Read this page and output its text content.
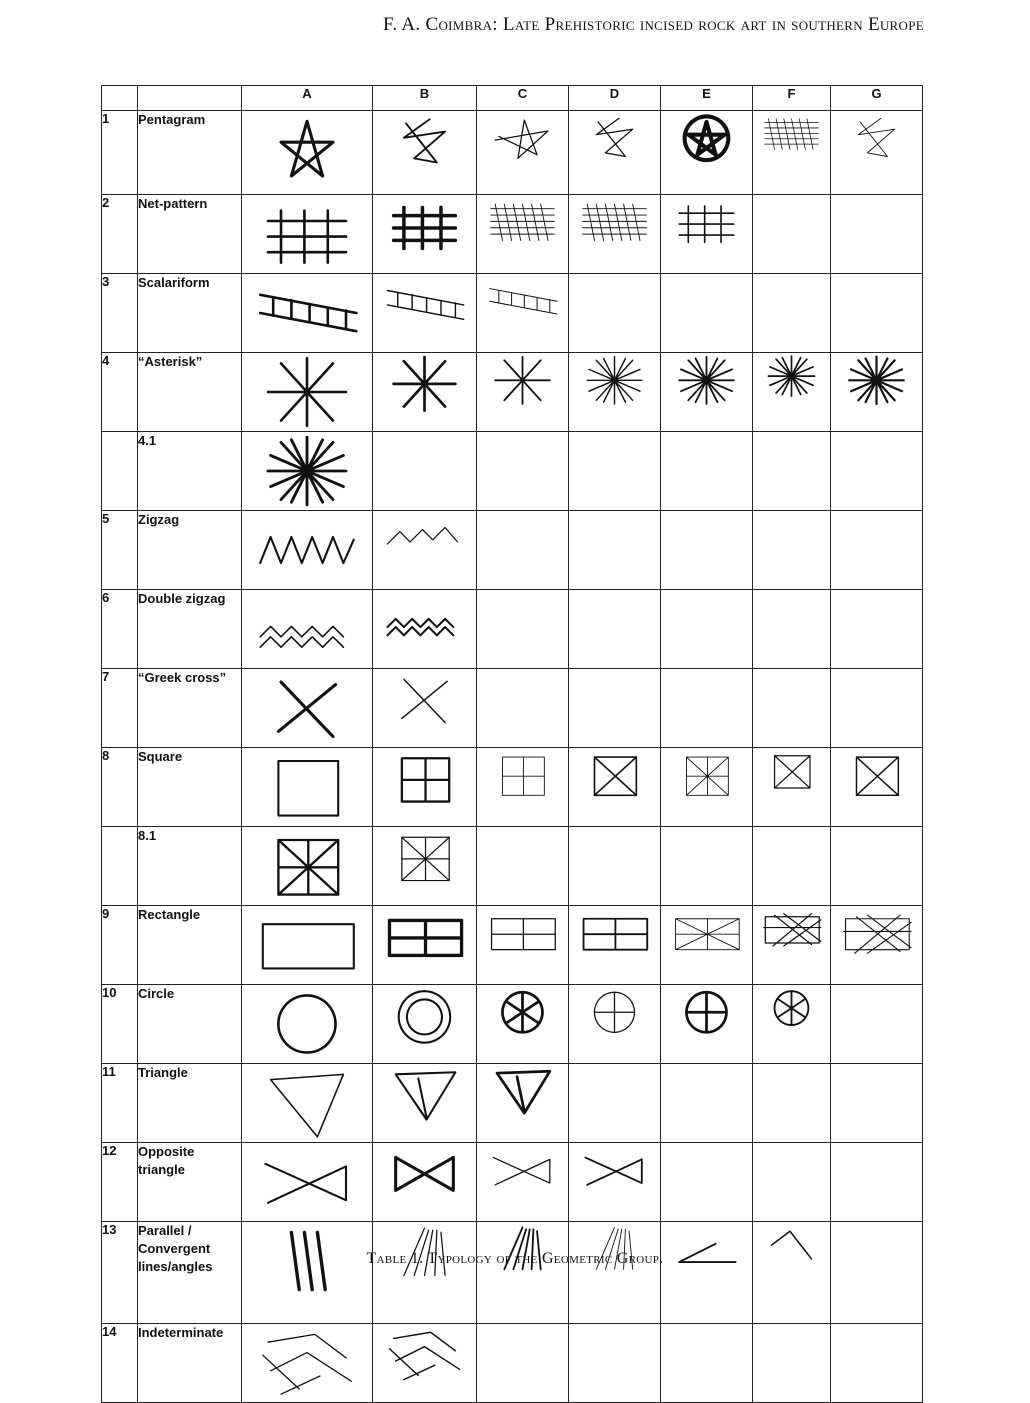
F. A. Coimbra: Late Prehistoric incised rock art in southern Europe
		A	B	C	D	E	F	G
1	Pentagram	

2	Net-pattern	

3	Scalariform	

4	“Asterisk”	

	4.1	

5	Zigzag	

6	Double zigzag	

7	“Greek cross”	

8	Square	

	8.1	

9	Rectangle	

10	Circle	

11	Triangle	

12	Opposite triangle	

13	Parallel / Convergent lines/angles	

14	Indeterminate	

Table 1. Typology of the Geometric Group.
